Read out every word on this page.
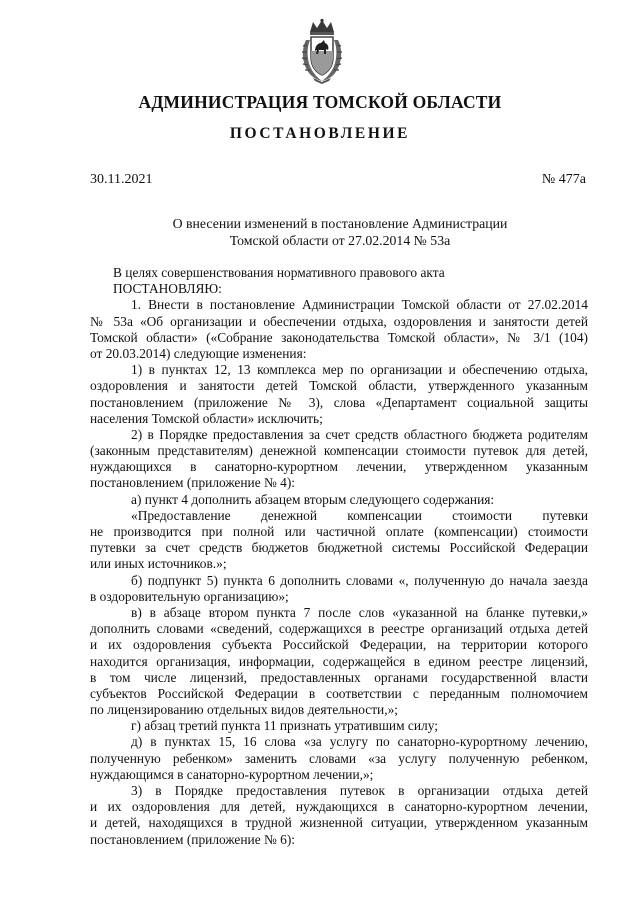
АДМИНИСТРАЦИЯ ТОМСКОЙ ОБЛАСТИ
ПОСТАНОВЛЕНИЕ
30.11.2021	№ 477а
О внесении изменений в постановление Администрации
Томской области от 27.02.2014 № 53а
В целях совершенствования нормативного правового акта
ПОСТАНОВЛЯЮ:
1. Внести в постановление Администрации Томской области от 27.02.2014
№ 53а «Об организации и обеспечении отдыха, оздоровления и занятости детей
Томской области» («Собрание законодательства Томской области», № 3/1 (104)
от 20.03.2014) следующие изменения:
1) в пунктах 12, 13 комплекса мер по организации и обеспечению отдыха,
оздоровления и занятости детей Томской области, утвержденного указанным
постановлением (приложение № 3), слова «Департамент социальной защиты
населения Томской области» исключить;
2) в Порядке предоставления за счет средств областного бюджета родителям
(законным представителям) денежной компенсации стоимости путевок для детей,
нуждающихся в санаторно-курортном лечении, утвержденном указанным
постановлением (приложение № 4):
а) пункт 4 дополнить абзацем вторым следующего содержания:
«Предоставление денежной компенсации стоимости путевки
не производится при полной или частичной оплате (компенсации) стоимости
путевки за счет средств бюджетов бюджетной системы Российской Федерации
или иных источников.»;
б) подпункт 5) пункта 6 дополнить словами «, полученную до начала заезда
в оздоровительную организацию»;
в) в абзаце втором пункта 7 после слов «указанной на бланке путевки,»
дополнить словами «сведений, содержащихся в реестре организаций отдыха детей
и их оздоровления субъекта Российской Федерации, на территории которого
находится организация, информации, содержащейся в едином реестре лицензий,
в том числе лицензий, предоставленных органами государственной власти
субъектов Российской Федерации в соответствии с переданным полномочием
по лицензированию отдельных видов деятельности,»;
г) абзац третий пункта 11 признать утратившим силу;
д) в пунктах 15, 16 слова «за услугу по санаторно-курортному лечению,
полученную ребенком» заменить словами «за услугу полученную ребенком,
нуждающимся в санаторно-курортном лечении,»;
3) в Порядке предоставления путевок в организации отдыха детей
и их оздоровления для детей, нуждающихся в санаторно-курортном лечении,
и детей, находящихся в трудной жизненной ситуации, утвержденном указанным
постановлением (приложение № 6):
